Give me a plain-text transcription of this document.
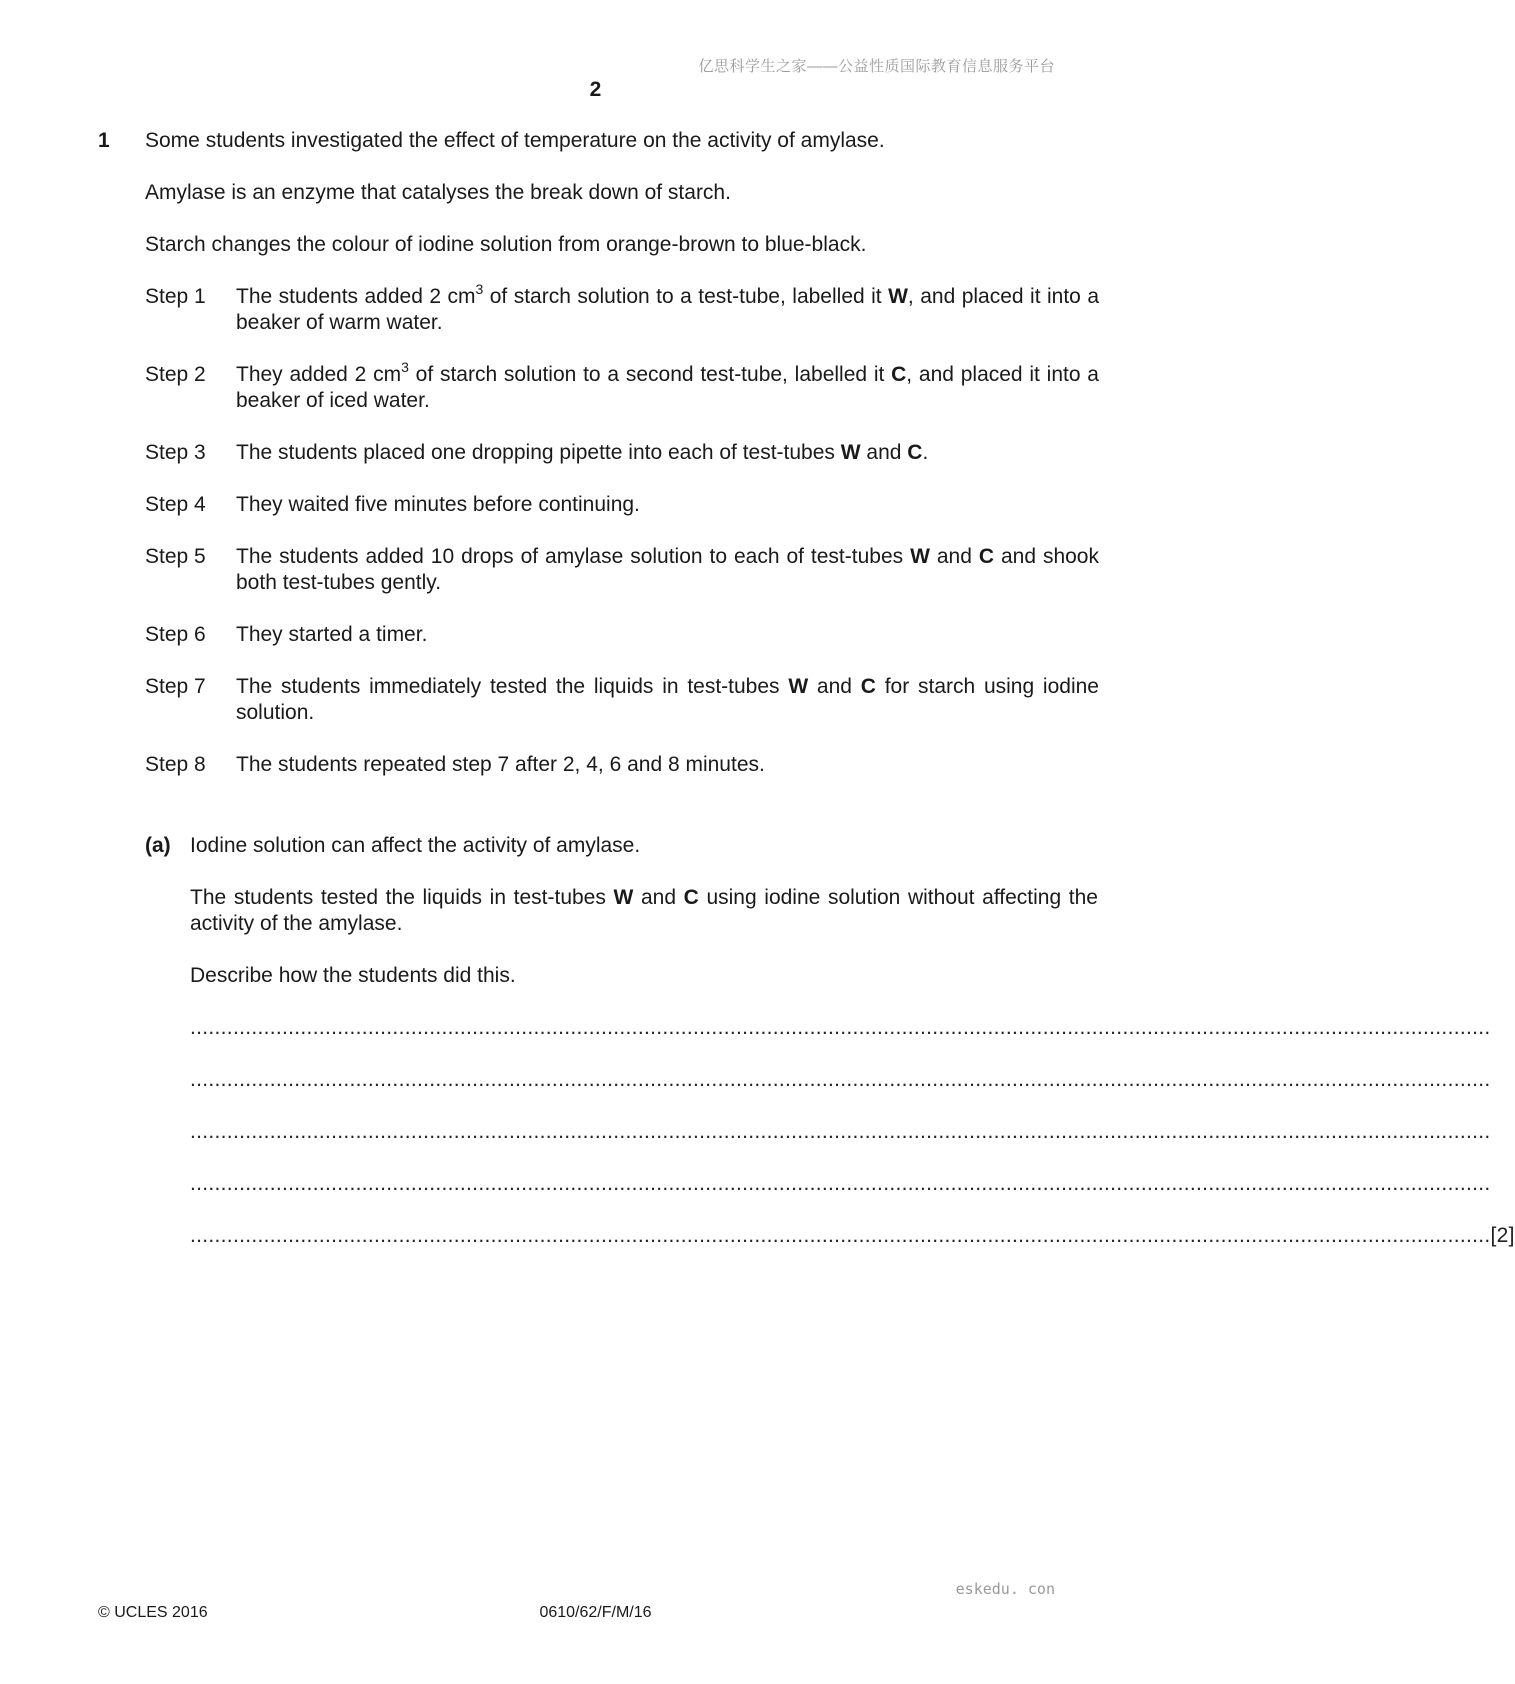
亿思科学生之家——公益性质国际教育信息服务平台
2
1 Some students investigated the effect of temperature on the activity of amylase.
Amylase is an enzyme that catalyses the break down of starch.
Starch changes the colour of iodine solution from orange-brown to blue-black.
Step 1	The students added 2 $cm^3$ of starch solution to a test-tube, labelled it W, and placed it into a beaker of warm water.
Step 2	They added 2 $cm^3$ of starch solution to a second test-tube, labelled it C, and placed it into a beaker of iced water.
Step 3	The students placed one dropping pipette into each of test-tubes W and C.
Step 4	They waited five minutes before continuing.
Step 5	The students added 10 drops of amylase solution to each of test-tubes W and C and shook both test-tubes gently.
Step 6	They started a timer.
Step 7	The students immediately tested the liquids in test-tubes W and C for starch using iodine solution.
Step 8	The students repeated step 7 after 2, 4, 6 and 8 minutes.
(a) Iodine solution can affect the activity of amylase.
The students tested the liquids in test-tubes W and C using iodine solution without affecting the activity of the amylase.
Describe how the students did this.
....................................................................................................................................................................................................................
....................................................................................................................................................................................................................
....................................................................................................................................................................................................................
....................................................................................................................................................................................................................
.................................................................................................................................................................................................................... [2]
eskedu. con
© UCLES 2016	0610/62/F/M/16
